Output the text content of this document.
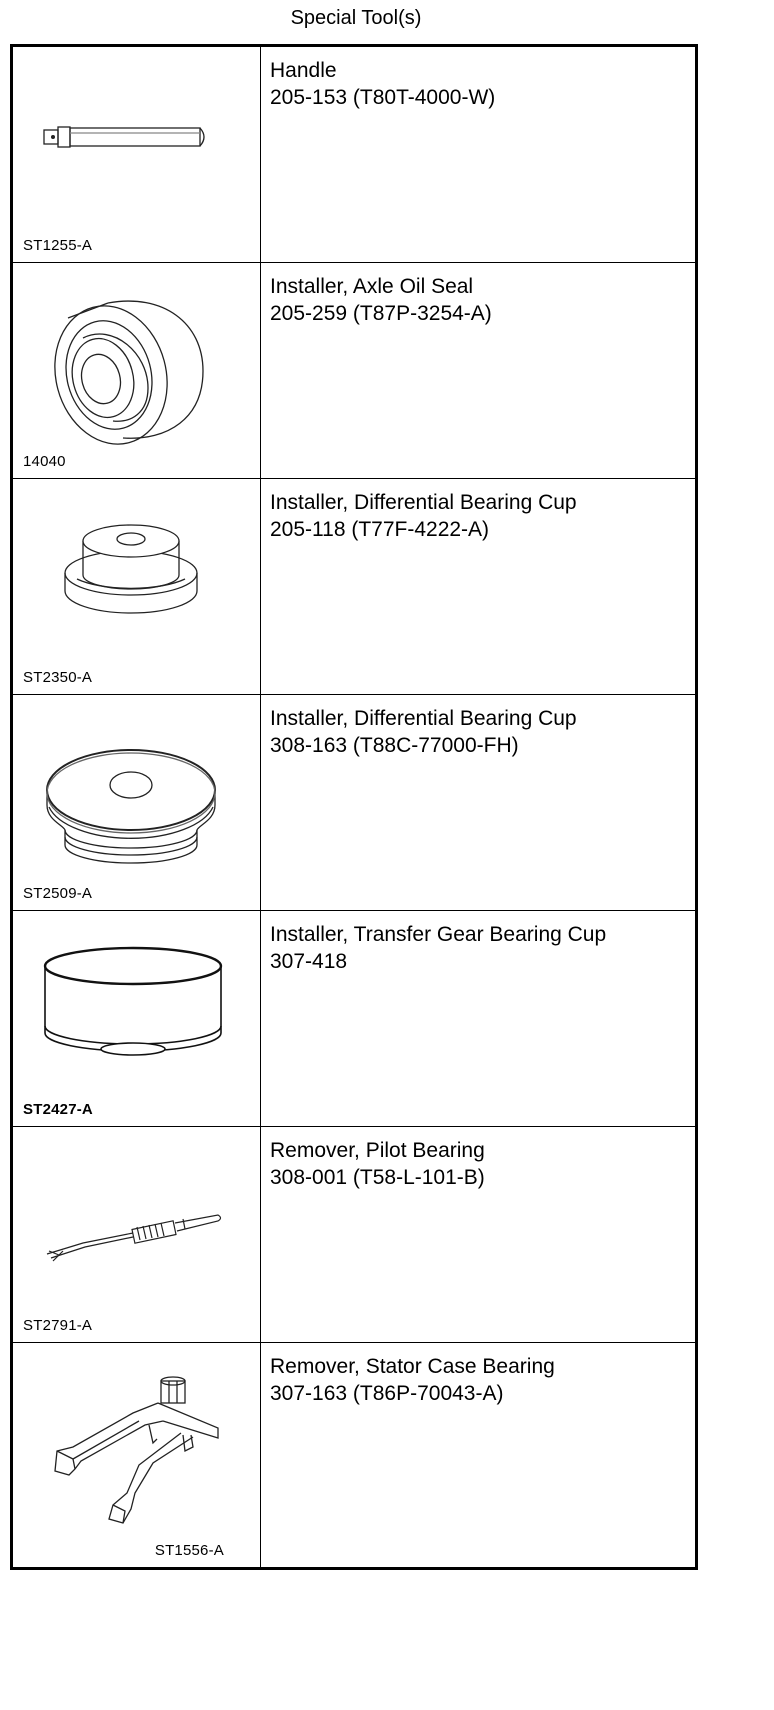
Special Tool(s)
ST1255-A	Handle
205-153 (T80T-4000-W)

14040	Installer, Axle Oil Seal
205-259 (T87P-3254-A)

ST2350-A	Installer, Differential Bearing Cup
205-118 (T77F-4222-A)

ST2509-A	Installer, Differential Bearing Cup
308-163 (T88C-77000-FH)

ST2427-A	Installer, Transfer Gear Bearing Cup
307-418

ST2791-A	Remover, Pilot Bearing
308-001 (T58-L-101-B)

ST1556-A	Remover, Stator Case Bearing
307-163 (T86P-70043-A)
